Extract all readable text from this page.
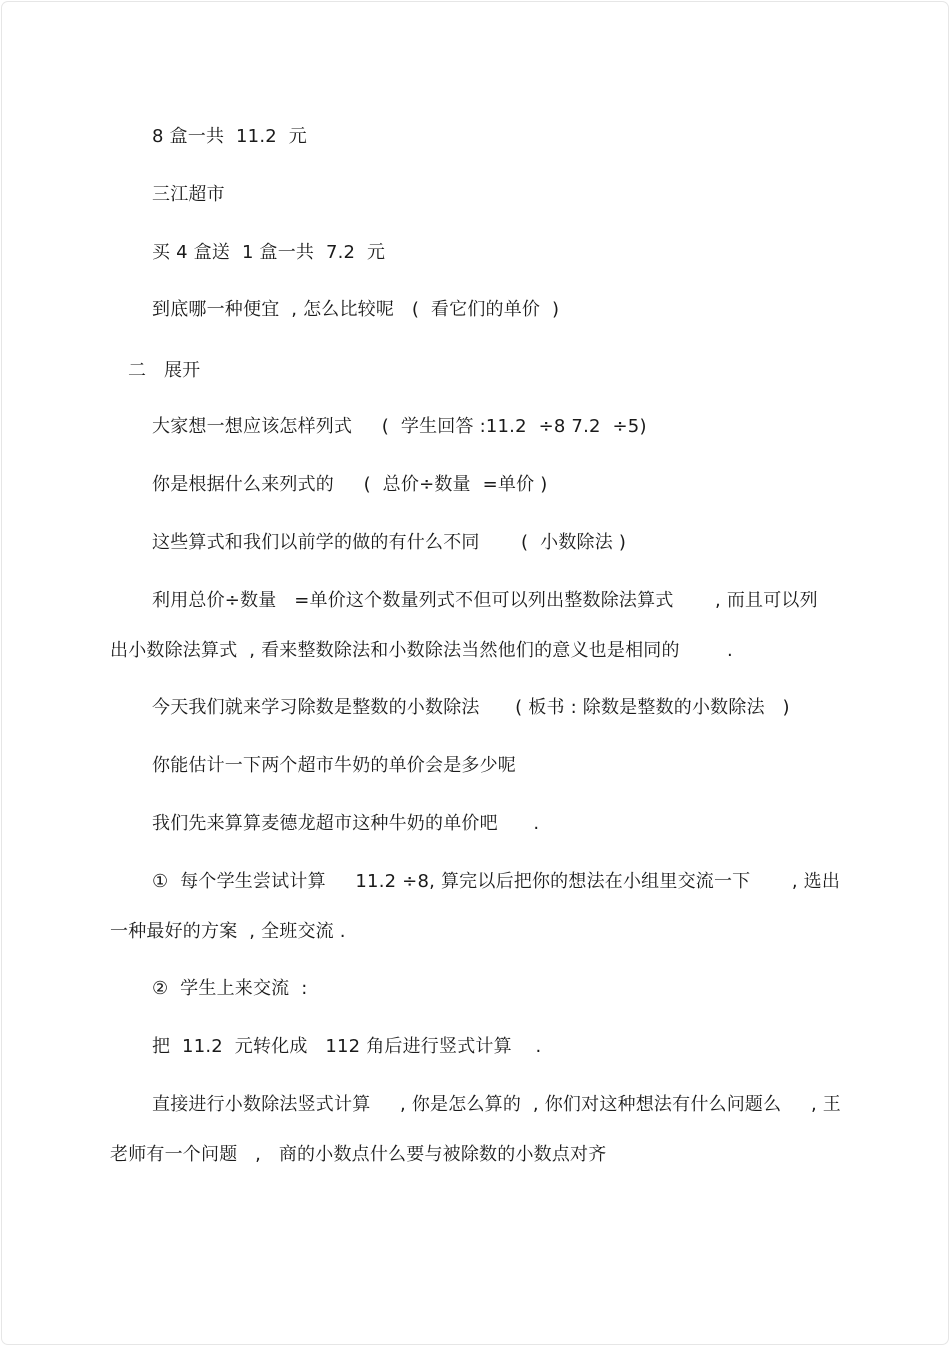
8 盒一共  11.2  元
三江超市
买 4 盒送  1 盒一共  7.2  元
到底哪一种便宜  , 怎么比较呢   (  看它们的单价  )
二   展开
大家想一想应该怎样列式     (  学生回答 :11.2  ÷8 7.2  ÷5)
你是根据什么来列式的     (  总价÷数量  =单价 )
这些算式和我们以前学的做的有什么不同       (  小数除法 )
利用总价÷数量   =单价这个数量列式不但可以列出整数除法算式       , 而且可以列
出小数除法算式  , 看来整数除法和小数除法当然他们的意义也是相同的        .
今天我们就来学习除数是整数的小数除法      ( 板书 : 除数是整数的小数除法   )
你能估计一下两个超市牛奶的单价会是多少呢
我们先来算算麦德龙超市这种牛奶的单价吧      .
①  每个学生尝试计算     11.2 ÷8, 算完以后把你的想法在小组里交流一下       , 选出
一种最好的方案  , 全班交流 .
②  学生上来交流  :
把  11.2  元转化成   112 角后进行竖式计算    .
直接进行小数除法竖式计算     , 你是怎么算的  , 你们对这种想法有什么问题么     , 王
老师有一个问题   ,   商的小数点什么要与被除数的小数点对齐
